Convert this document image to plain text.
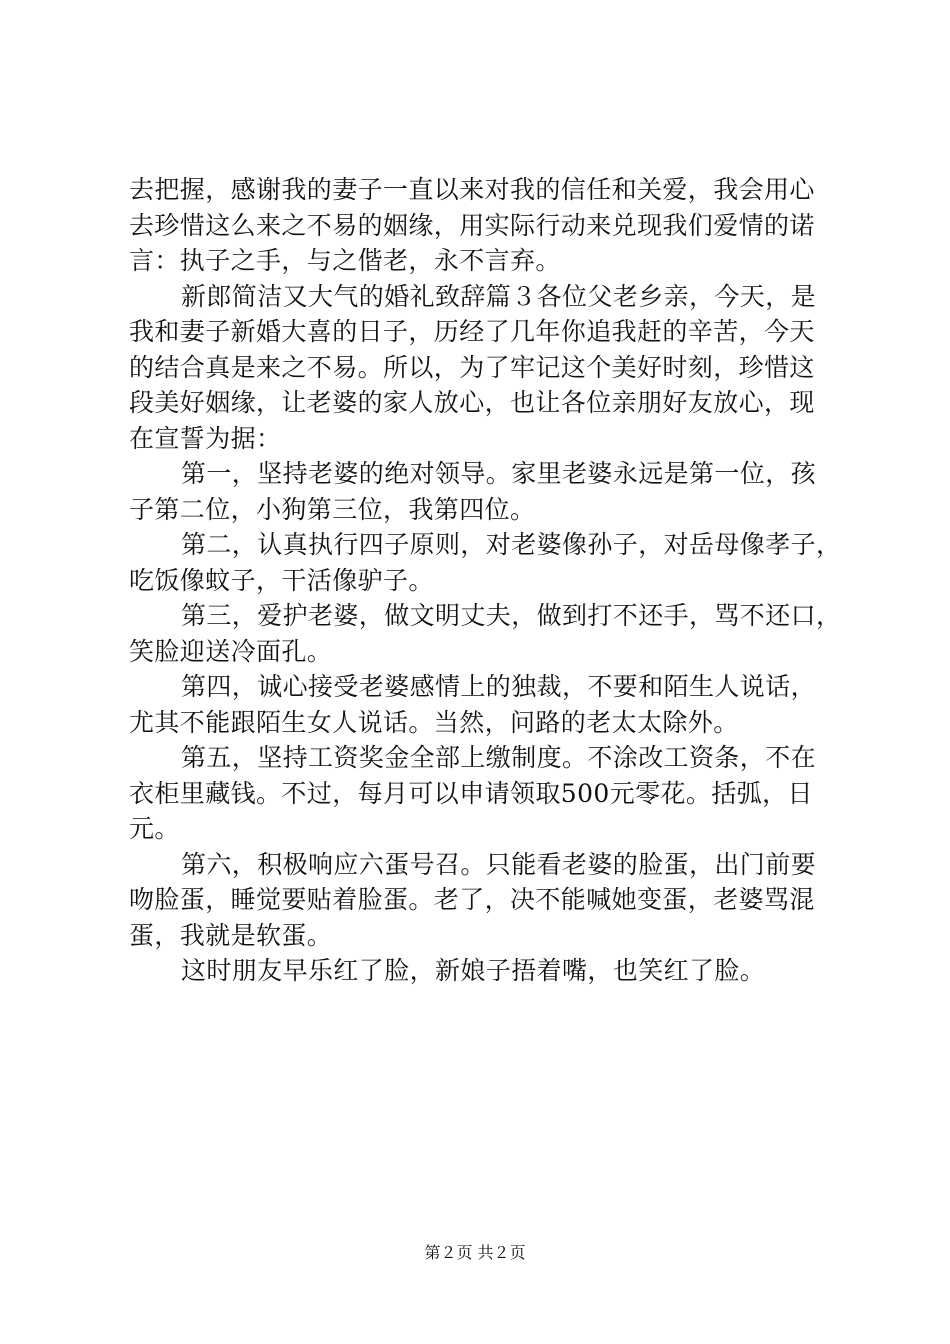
去把握，感谢我的妻子一直以来对我的信任和关爱，我会用心
去珍惜这么来之不易的姻缘，用实际行动来兑现我们爱情的诺
言：执子之手，与之偕老，永不言弃。
新郎简洁又大气的婚礼致辞篇３各位父老乡亲，今天，是
我和妻子新婚大喜的日子，历经了几年你追我赶的辛苦，今天
的结合真是来之不易。所以，为了牢记这个美好时刻，珍惜这
段美好姻缘，让老婆的家人放心，也让各位亲朋好友放心，现
在宣誓为据：
第一，坚持老婆的绝对领导。家里老婆永远是第一位，孩
子第二位，小狗第三位，我第四位。
第二，认真执行四子原则，对老婆像孙子，对岳母像孝子，
吃饭像蚊子，干活像驴子。
第三，爱护老婆，做文明丈夫，做到打不还手，骂不还口，
笑脸迎送冷面孔。
第四，诚心接受老婆感情上的独裁，不要和陌生人说话，
尤其不能跟陌生女人说话。当然，问路的老太太除外。
第五，坚持工资奖金全部上缴制度。不涂改工资条，不在
衣柜里藏钱。不过，每月可以申请领取500元零花。括弧，日
元。
第六，积极响应六蛋号召。只能看老婆的脸蛋，出门前要
吻脸蛋，睡觉要贴着脸蛋。老了，决不能喊她变蛋，老婆骂混
蛋，我就是软蛋。
这时朋友早乐红了脸，新娘子捂着嘴，也笑红了脸。
第２页 共２页
